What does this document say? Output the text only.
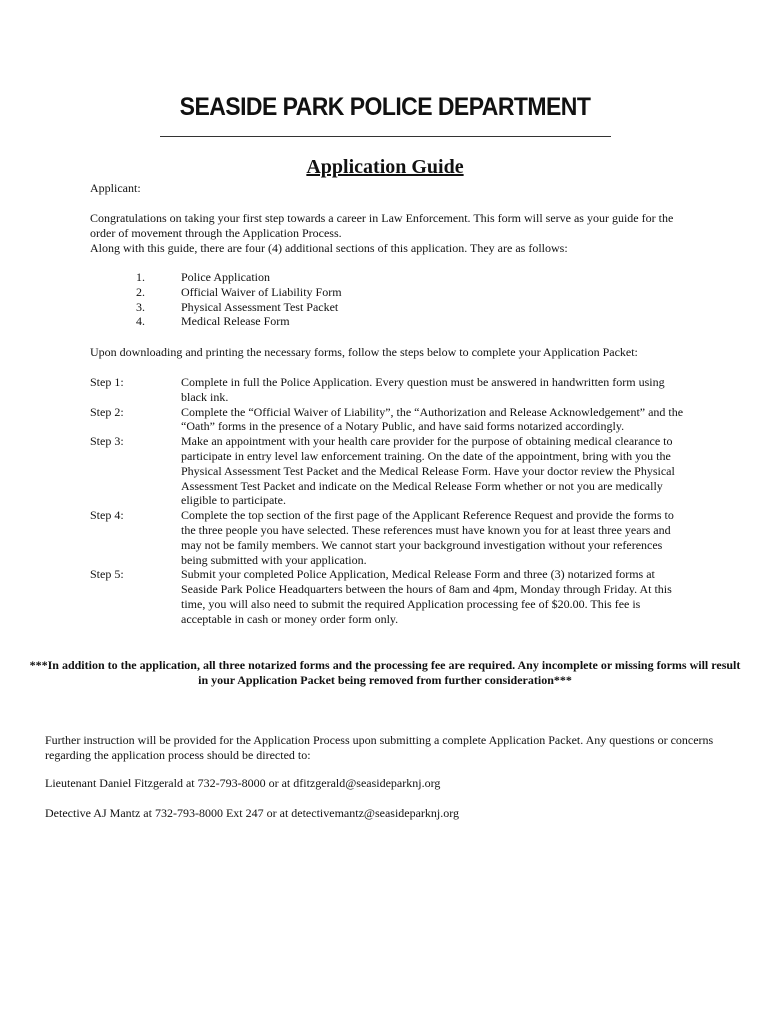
SEASIDE PARK POLICE DEPARTMENT
Application Guide

Applicant:

Congratulations on taking your first step towards a career in Law Enforcement. This form will serve as your guide for the order of movement through the Application Process.

Along with this guide, there are four (4) additional sections of this application. They are as follows:

1.	Police Application
2.	Official Waiver of Liability Form
3.	Physical Assessment Test Packet
4.	Medical Release Form

Upon downloading and printing the necessary forms, follow the steps below to complete your Application Packet:

Step 1:	Complete in full the Police Application. Every question must be answered in handwritten form using black ink.
Step 2:	Complete the “Official Waiver of Liability”, the “Authorization and Release Acknowledgement” and the “Oath” forms in the presence of a Notary Public, and have said forms notarized accordingly.
Step 3:	Make an appointment with your health care provider for the purpose of obtaining medical clearance to participate in entry level law enforcement training. On the date of the appointment, bring with you the Physical Assessment Test Packet and the Medical Release Form. Have your doctor review the Physical Assessment Test Packet and indicate on the Medical Release Form whether or not you are medically eligible to participate.
Step 4:	Complete the top section of the first page of the Applicant Reference Request and provide the forms to the three people you have selected. These references must have known you for at least three years and may not be family members. We cannot start your background investigation without your references being submitted with your application.
Step 5:	Submit your completed Police Application, Medical Release Form and three (3) notarized forms at Seaside Park Police Headquarters between the hours of 8am and 4pm, Monday through Friday. At this time, you will also need to submit the required Application processing fee of $20.00. This fee is acceptable in cash or money order form only.

***In addition to the application, all three notarized forms and the processing fee are required. Any incomplete or missing forms will result in your Application Packet being removed from further consideration***

Further instruction will be provided for the Application Process upon submitting a complete Application Packet. Any questions or concerns regarding the application process should be directed to:

Lieutenant Daniel Fitzgerald at 732-793-8000 or at dfitzgerald@seasideparknj.org

Detective AJ Mantz at 732-793-8000 Ext 247 or at detectivemantz@seasideparknj.org
